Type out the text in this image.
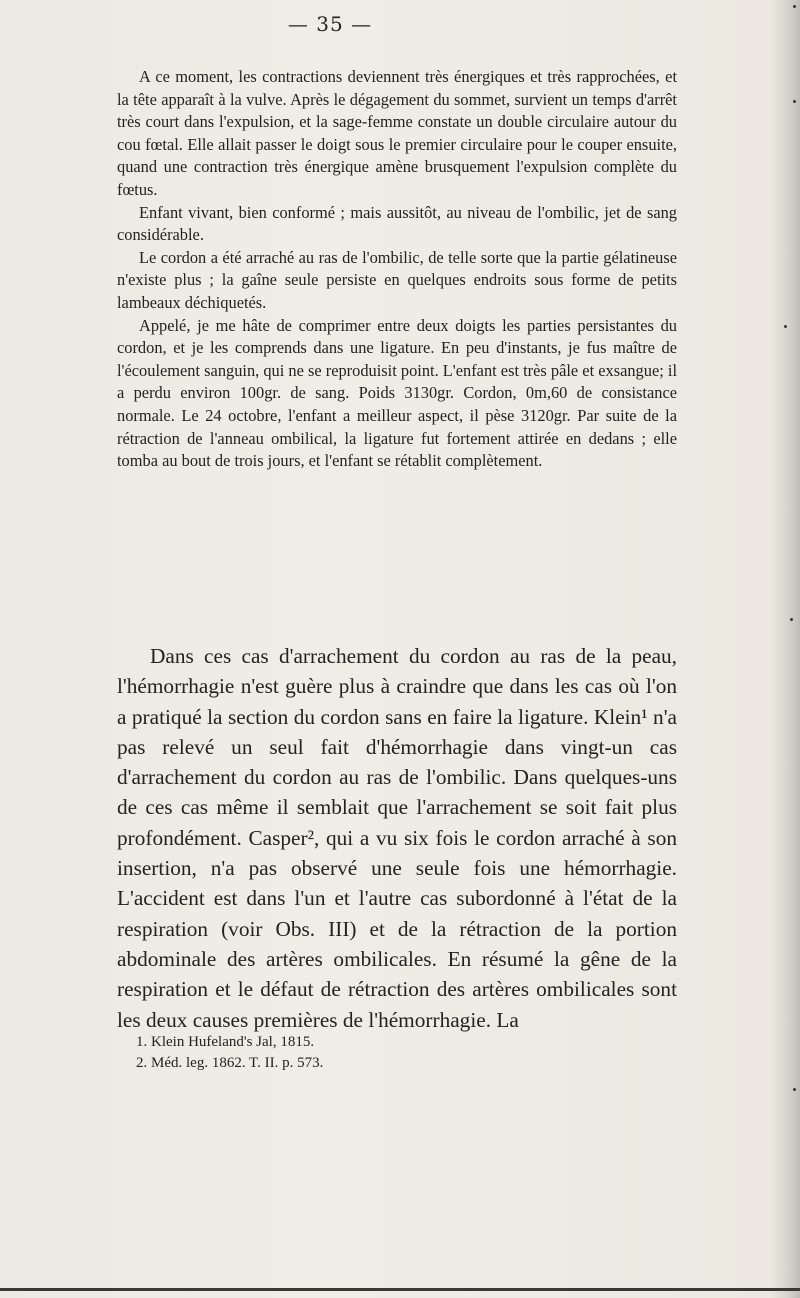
— 35 —

A ce moment, les contractions deviennent très énergiques et très rapprochées, et la tête apparaît à la vulve. Après le dégagement du sommet, survient un temps d'arrêt très court dans l'expulsion, et la sage-femme constate un double circulaire autour du cou fœtal. Elle allait passer le doigt sous le premier circulaire pour le couper ensuite, quand une contraction très énergique amène brusquement l'expulsion complète du fœtus.

Enfant vivant, bien conformé ; mais aussitôt, au niveau de l'ombilic, jet de sang considérable.

Le cordon a été arraché au ras de l'ombilic, de telle sorte que la partie gélatineuse n'existe plus ; la gaîne seule persiste en quelques endroits sous forme de petits lambeaux déchiquetés.

Appelé, je me hâte de comprimer entre deux doigts les parties persistantes du cordon, et je les comprends dans une ligature. En peu d'instants, je fus maître de l'écoulement sanguin, qui ne se reproduisit point. L'enfant est très pâle et exsangue; il a perdu environ 100gr. de sang. Poids 3130gr. Cordon, 0m,60 de consistance normale. Le 24 octobre, l'enfant a meilleur aspect, il pèse 3120gr. Par suite de la rétraction de l'anneau ombilical, la ligature fut fortement attirée en dedans ; elle tomba au bout de trois jours, et l'enfant se rétablit complètement.

Dans ces cas d'arrachement du cordon au ras de la peau, l'hémorrhagie n'est guère plus à craindre que dans les cas où l'on a pratiqué la section du cordon sans en faire la ligature. Klein¹ n'a pas relevé un seul fait d'hémorrhagie dans vingt-un cas d'arrachement du cordon au ras de l'ombilic. Dans quelques-uns de ces cas même il semblait que l'arrachement se soit fait plus profondément. Casper², qui a vu six fois le cordon arraché à son insertion, n'a pas observé une seule fois une hémorrhagie. L'accident est dans l'un et l'autre cas subordonné à l'état de la respiration (voir Obs. III) et de la rétraction de la portion abdominale des artères ombilicales. En résumé la gêne de la respiration et le défaut de rétraction des artères ombilicales sont les deux causes premières de l'hémorrhagie. La

1. Klein Hufeland's Jal, 1815.
2. Méd. leg. 1862. T. II. p. 573.
